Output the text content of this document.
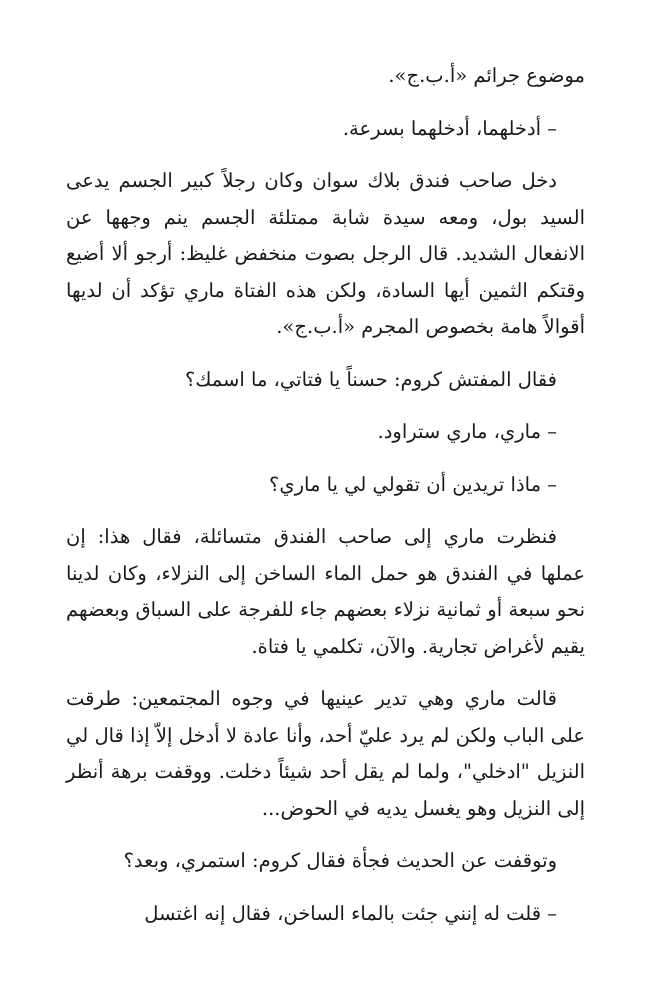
موضوع جرائم «أ.ب.ج».

– أدخلهما، أدخلهما بسرعة.

دخل صاحب فندق بلاك سوان وكان رجلاً كبير الجسم يدعى السيد بول، ومعه سيدة شابة ممتلئة الجسم ينم وجهها عن الانفعال الشديد. قال الرجل بصوت منخفض غليظ: أرجو ألا أضيع وقتكم الثمين أيها السادة، ولكن هذه الفتاة ماري تؤكد أن لديها أقوالاً هامة بخصوص المجرم «أ.ب.ج».

فقال المفتش كروم: حسناً يا فتاتي، ما اسمك؟

– ماري، ماري ستراود.

– ماذا تريدين أن تقولي لي يا ماري؟

فنظرت ماري إلى صاحب الفندق متسائلة، فقال هذا: إن عملها في الفندق هو حمل الماء الساخن إلى النزلاء، وكان لدينا نحو سبعة أو ثمانية نزلاء بعضهم جاء للفرجة على السباق وبعضهم يقيم لأغراض تجارية. والآن، تكلمي يا فتاة.

قالت ماري وهي تدير عينيها في وجوه المجتمعين: طرقت على الباب ولكن لم يرد عليّ أحد، وأنا عادة لا أدخل إلاّ إذا قال لي النزيل "ادخلي"، ولما لم يقل أحد شيئاً دخلت. ووقفت برهة أنظر إلى النزيل وهو يغسل يديه في الحوض...

وتوقفت عن الحديث فجأة فقال كروم: استمري، وبعد؟

– قلت له إنني جئت بالماء الساخن، فقال إنه اغتسل
